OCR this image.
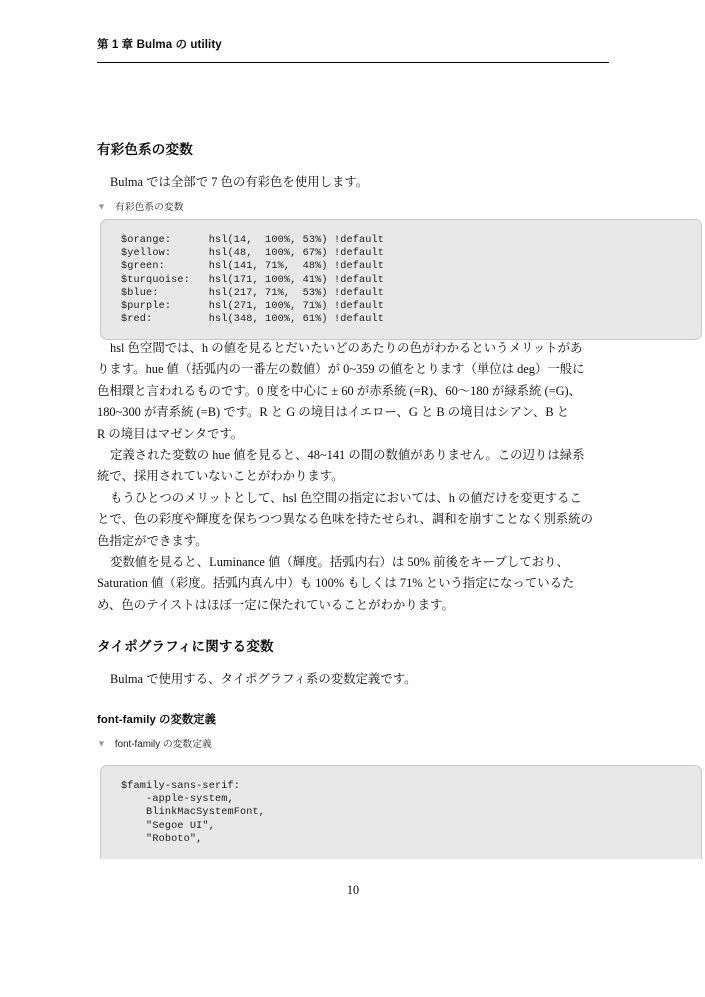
第 1 章 Bulma の utility
有彩色系の変数
Bulma では全部で 7 色の有彩色を使用します。
▼ 有彩色系の変数
$orange:      hsl(14,  100%, 53%) !default
$yellow:      hsl(48,  100%, 67%) !default
$green:       hsl(141, 71%,  48%) !default
$turquoise:   hsl(171, 100%, 41%) !default
$blue:        hsl(217, 71%,  53%) !default
$purple:      hsl(271, 100%, 71%) !default
$red:         hsl(348, 100%, 61%) !default
hsl 色空間では、h の値を見るとだいたいどのあたりの色がわかるというメリットがあ
ります。hue 値（括弧内の一番左の数値）が 0~359 の値をとります（単位は deg）一般に
色相環と言われるものです。0 度を中心に ± 60 が赤系統 (=R)、60〜180 が緑系統 (=G)、
180~300 が青系統 (=B) です。R と G の境目はイエロー、G と B の境目はシアン、B と
R の境目はマゼンタです。
定義された変数の hue 値を見ると、48~141 の間の数値がありません。この辺りは緑系
統で、採用されていないことがわかります。
もうひとつのメリットとして、hsl 色空間の指定においては、h の値だけを変更するこ
とで、色の彩度や輝度を保ちつつ異なる色味を持たせられ、調和を崩すことなく別系統の
色指定ができます。
変数値を見ると、Luminance 値（輝度。括弧内右）は 50% 前後をキープしており、
Saturation 値（彩度。括弧内真ん中）も 100% もしくは 71% という指定になっているた
め、色のテイストはほぼ一定に保たれていることがわかります。
タイポグラフィに関する変数
Bulma で使用する、タイポグラフィ系の変数定義です。
font-family の変数定義
▼ font-family の変数定義
$family-sans-serif:
-apple-system,
BlinkMacSystemFont,
"Segoe UI",
"Roboto",
10
